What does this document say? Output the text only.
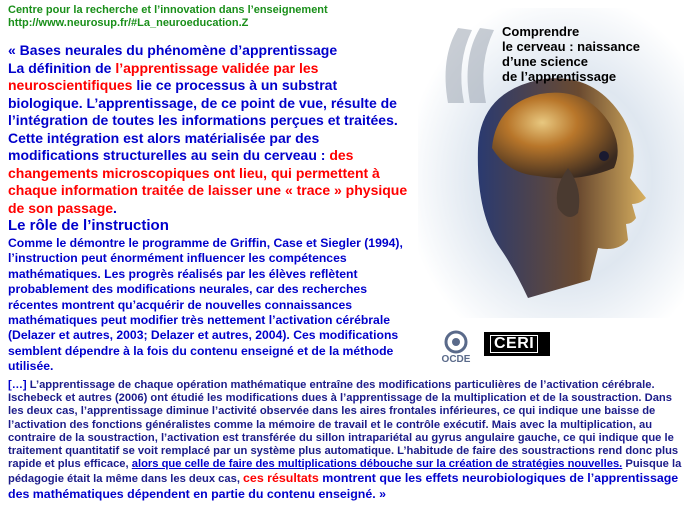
Centre pour la recherche et l’innovation dans l’enseignement
http://www.neurosup.fr/#La_neuroeducation.Z
« Bases neurales du phénomène d’apprentissage
La définition de l’apprentissage validée par les neuroscientifiques lie ce processus à un substrat biologique. L’apprentissage, de ce point de vue, résulte de l’intégration de toutes les informations perçues et traitées. Cette intégration est alors matérialisée par des modifications structurelles au sein du cerveau : des changements microscopiques ont lieu, qui permettent à chaque information traitée de laisser une « trace » physique de son passage.
Le rôle de l’instruction
Comme le démontre le programme de Griffin, Case et Siegler (1994), l’instruction peut énormément influencer les compétences mathématiques. Les progrès réalisés par les élèves reflètent probablement des modifications neurales, car des recherches récentes montrent qu’acquérir de nouvelles connaissances mathématiques peut modifier très nettement l’activation cérébrale (Delazer et autres, 2003; Delazer et autres, 2004). Ces modifications semblent dépendre à la fois du contenu enseigné et de la méthode utilisée.
Comprendre
le cerveau : naissance
d’une science
de l’apprentissage
OCDE
CERI
[…] L’apprentissage de chaque opération mathématique entraîne des modifications particulières de l’activation cérébrale. Ischebeck et autres (2006) ont étudié les modifications dues à l’apprentissage de la multiplication et de la soustraction. Dans les deux cas, l’apprentissage diminue l’activité observée dans les aires frontales inférieures, ce qui indique une baisse de l’activation des fonctions généralistes comme la mémoire de travail et le contrôle exécutif. Mais avec la multiplication, au contraire de la soustraction, l’activation est transférée du sillon intrapariétal au gyrus angulaire gauche, ce qui indique que le traitement quantitatif se voit remplacé par un système plus automatique. L’habitude de faire des soustractions rend donc plus rapide et plus efficace, alors que celle de faire des multiplications débouche sur la création de stratégies nouvelles. Puisque la pédagogie était la même dans les deux cas, ces résultats montrent que les effets neurobiologiques de l’apprentissage des mathématiques dépendent en partie du contenu enseigné. »
